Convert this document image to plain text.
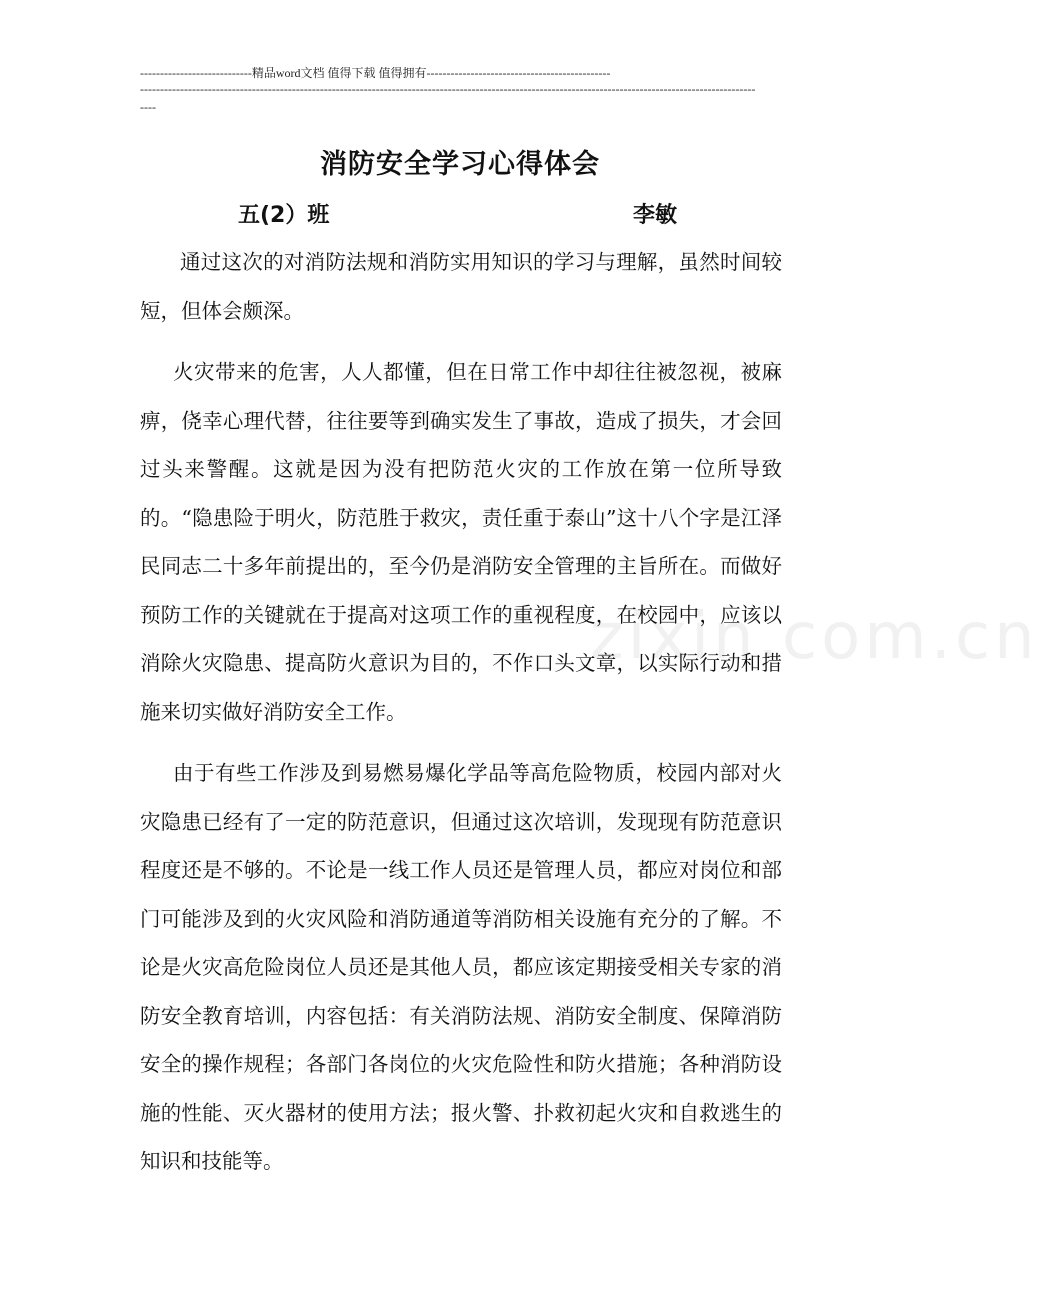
----------------------------精品word文档 值得下载 值得拥有----------------------------------------------
----------------------------------------------------------------------------------------------------------------------------------------------------------
----
消防安全学习心得体会
五(2）班	李敏
zixin.com.cn

通过这次的对消防法规和消防实用知识的学习与理解，虽然时间较短，但体会颇深。

火灾带来的危害，人人都懂，但在日常工作中却往往被忽视，被麻痹，侥幸心理代替，往往要等到确实发生了事故，造成了损失，才会回过头来警醒。这就是因为没有把防范火灾的工作放在第一位所导致的。“隐患险于明火，防范胜于救灾，责任重于泰山”这十八个字是江泽民同志二十多年前提出的，至今仍是消防安全管理的主旨所在。而做好预防工作的关键就在于提高对这项工作的重视程度，在校园中，应该以消除火灾隐患、提高防火意识为目的，不作口头文章，以实际行动和措施来切实做好消防安全工作。

由于有些工作涉及到易燃易爆化学品等高危险物质，校园内部对火灾隐患已经有了一定的防范意识，但通过这次培训，发现现有防范意识程度还是不够的。不论是一线工作人员还是管理人员，都应对岗位和部门可能涉及到的火灾风险和消防通道等消防相关设施有充分的了解。不论是火灾高危险岗位人员还是其他人员，都应该定期接受相关专家的消防安全教育培训，内容包括：有关消防法规、消防安全制度、保障消防安全的操作规程；各部门各岗位的火灾危险性和防火措施；各种消防设施的性能、灭火器材的使用方法；报火警、扑救初起火灾和自救逃生的知识和技能等。
